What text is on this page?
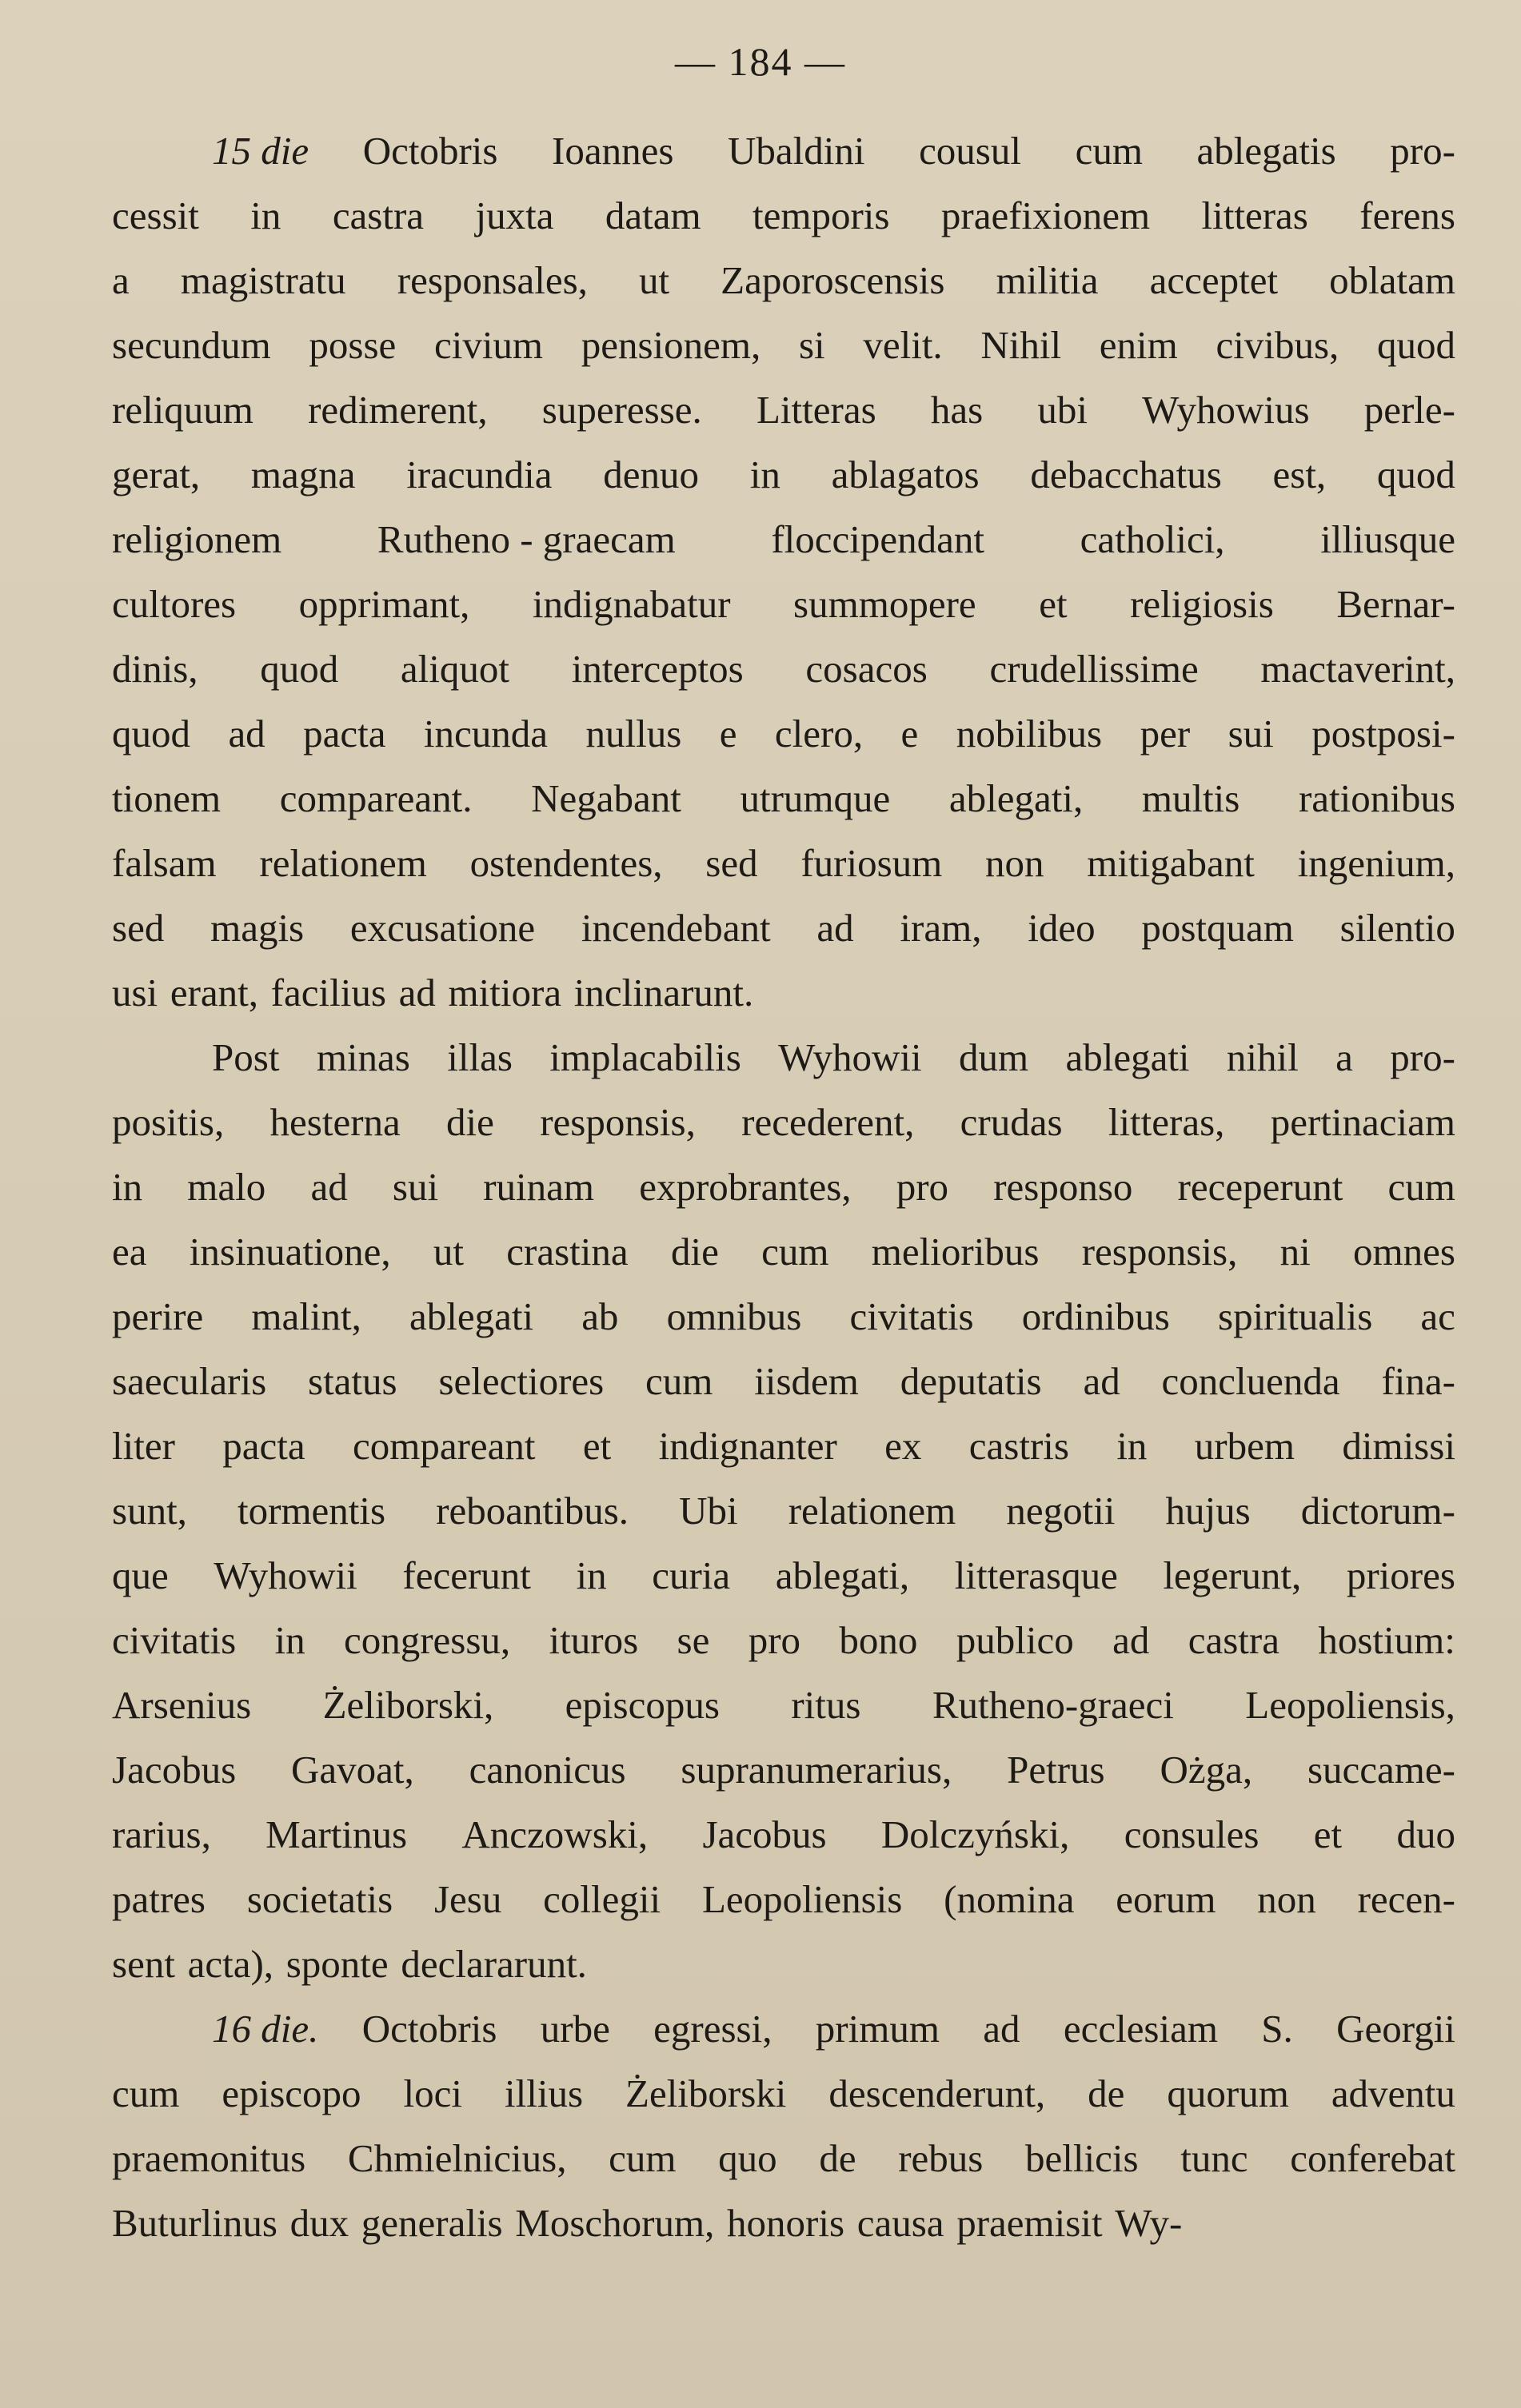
— 184 —
15 die Octobris Ioannes Ubaldini cousul cum ablegatis pro-
cessit in castra juxta datam temporis praefixionem litteras ferens
a magistratu responsales, ut Zaporoscensis militia acceptet oblatam
secundum posse civium pensionem, si velit. Nihil enim civibus, quod
reliquum redimerent, superesse. Litteras has ubi Wyhowius perle-
gerat, magna iracundia denuo in ablagatos debacchatus est, quod
religionem Rutheno - graecam floccipendant catholici, illiusque
cultores opprimant, indignabatur summopere et religiosis Bernar-
dinis, quod aliquot interceptos cosacos crudellissime mactaverint,
quod ad pacta incunda nullus e clero, e nobilibus per sui postposi-
tionem compareant. Negabant utrumque ablegati, multis rationibus
falsam relationem ostendentes, sed furiosum non mitigabant ingenium,
sed magis excusatione incendebant ad iram, ideo postquam silentio
usi erant, facilius ad mitiora inclinarunt.
Post minas illas implacabilis Wyhowii dum ablegati nihil a pro-
positis, hesterna die responsis, recederent, crudas litteras, pertinaciam
in malo ad sui ruinam exprobrantes, pro responso receperunt cum
ea insinuatione, ut crastina die cum melioribus responsis, ni omnes
perire malint, ablegati ab omnibus civitatis ordinibus spiritualis ac
saecularis status selectiores cum iisdem deputatis ad concluenda fina-
liter pacta compareant et indignanter ex castris in urbem dimissi
sunt, tormentis reboantibus. Ubi relationem negotii hujus dictorum-
que Wyhowii fecerunt in curia ablegati, litterasque legerunt, priores
civitatis in congressu, ituros se pro bono publico ad castra hostium:
Arsenius Żeliborski, episcopus ritus Rutheno-graeci Leopoliensis,
Jacobus Gavoat, canonicus supranumerarius, Petrus Ożga, succame-
rarius, Martinus Anczowski, Jacobus Dolczyński, consules et duo
patres societatis Jesu collegii Leopoliensis (nomina eorum non recen-
sent acta), sponte declararunt.
16 die. Octobris urbe egressi, primum ad ecclesiam S. Georgii
cum episcopo loci illius Żeliborski descenderunt, de quorum adventu
praemonitus Chmielnicius, cum quo de rebus bellicis tunc conferebat
Buturlinus dux generalis Moschorum, honoris causa praemisit Wy-
